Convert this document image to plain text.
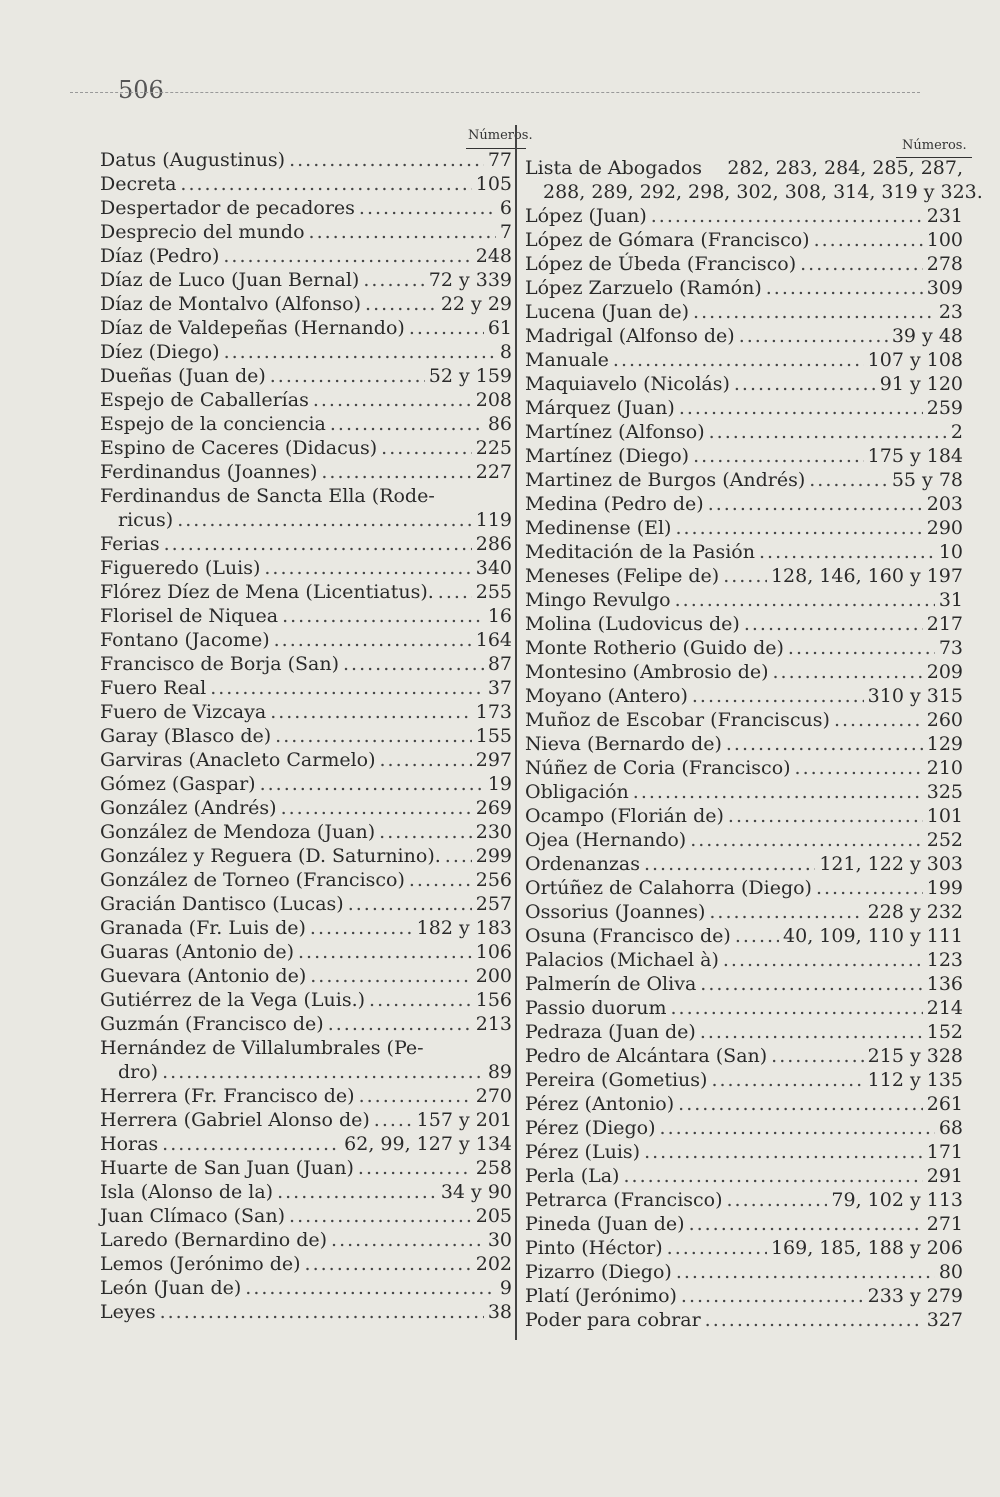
506
Números.
Números.
Datus (Augustinus) .....	77
Decreta .....	105
Despertador de pecadores .....	6
Desprecio del mundo .....	7
Díaz (Pedro) .....	248
Díaz de Luco (Juan Bernal) .....	72 y 339
Díaz de Montalvo (Alfonso) .....	22 y 29
Díaz de Valdepeñas (Hernando) .....	61
Díez (Diego) .....	8
Dueñas (Juan de) .....	52 y 159
Espejo de Caballerías .....	208
Espejo de la conciencia .....	86
Espino de Caceres (Didacus) .....	225
Ferdinandus (Joannes) .....	227
Ferdinandus de Sancta Ella (Rode-
ricus) .....	119
Ferias .....	286
Figueredo (Luis) .....	340
Flórez Díez de Mena (Licentiatus). ..... 255
Florisel de Niquea .....	16
Fontano (Jacome) .....	164
Francisco de Borja (San) .....	87
Fuero Real .....	37
Fuero de Vizcaya .....	173
Garay (Blasco de) .....	155
Garviras (Anacleto Carmelo) .....	297
Gómez (Gaspar) .....	19
González (Andrés) .....	269
González de Mendoza (Juan) .....	230
González y Reguera (D. Saturnino). ..... 299
González de Torneo (Francisco) .....	256
Gracián Dantisco (Lucas) .....	257
Granada (Fr. Luis de) .....	182 y 183
Guaras (Antonio de) .....	106
Guevara (Antonio de) .....	200
Gutiérrez de la Vega (Luis.) .....	156
Guzmán (Francisco de) .....	213
Hernández de Villalumbrales (Pe-
dro) .....	89
Herrera (Fr. Francisco de) .....	270
Herrera (Gabriel Alonso de) ..... 157 y 201
Horas .....	62, 99, 127 y 134
Huarte de San Juan (Juan) .....	258
Isla (Alonso de la) .....	34 y 90
Juan Clímaco (San) .....	205
Laredo (Bernardino de) .....	30
Lemos (Jerónimo de) .....	202
León (Juan de) .....	9
Leyes .....	38
Lista de Abogados 282, 283, 284, 285, 287,
288, 289, 292, 298, 302, 308, 314, 319 y 323.
López (Juan) .....	231
López de Gómara (Francisco) .....	100
López de Úbeda (Francisco) .....	278
López Zarzuelo (Ramón) .....	309
Lucena (Juan de) .....	23
Madrigal (Alfonso de) .....	39 y 48
Manuale .....	107 y 108
Maquiavelo (Nicolás) .....	91 y 120
Márquez (Juan) .....	259
Martínez (Alfonso) .....	2
Martínez (Diego) .....	175 y 184
Martinez de Burgos (Andrés) .....	55 y 78
Medina (Pedro de) .....	203
Medinense (El) .....	290
Meditación de la Pasión .....	10
Meneses (Felipe de) .....	128, 146, 160 y 197
Mingo Revulgo .....	31
Molina (Ludovicus de) .....	217
Monte Rotherio (Guido de) .....	73
Montesino (Ambrosio de) .....	209
Moyano (Antero) .....	310 y 315
Muñoz de Escobar (Franciscus) .....	260
Nieva (Bernardo de) .....	129
Núñez de Coria (Francisco) .....	210
Obligación .....	325
Ocampo (Florián de) .....	101
Ojea (Hernando) .....	252
Ordenanzas .....	121, 122 y 303
Ortúñez de Calahorra (Diego) .....	199
Ossorius (Joannes) .....	228 y 232
Osuna (Francisco de) .....	40, 109, 110 y 111
Palacios (Michael à) .....	123
Palmerín de Oliva .....	136
Passio duorum .....	214
Pedraza (Juan de) .....	152
Pedro de Alcántara (San) .....	215 y 328
Pereira (Gometius) .....	112 y 135
Pérez (Antonio) .....	261
Pérez (Diego) .....	68
Pérez (Luis) .....	171
Perla (La) .....	291
Petrarca (Francisco) .....	79, 102 y 113
Pineda (Juan de) .....	271
Pinto (Héctor) .....	169, 185, 188 y 206
Pizarro (Diego) .....	80
Platí (Jerónimo) .....	233 y 279
Poder para cobrar .....	327
